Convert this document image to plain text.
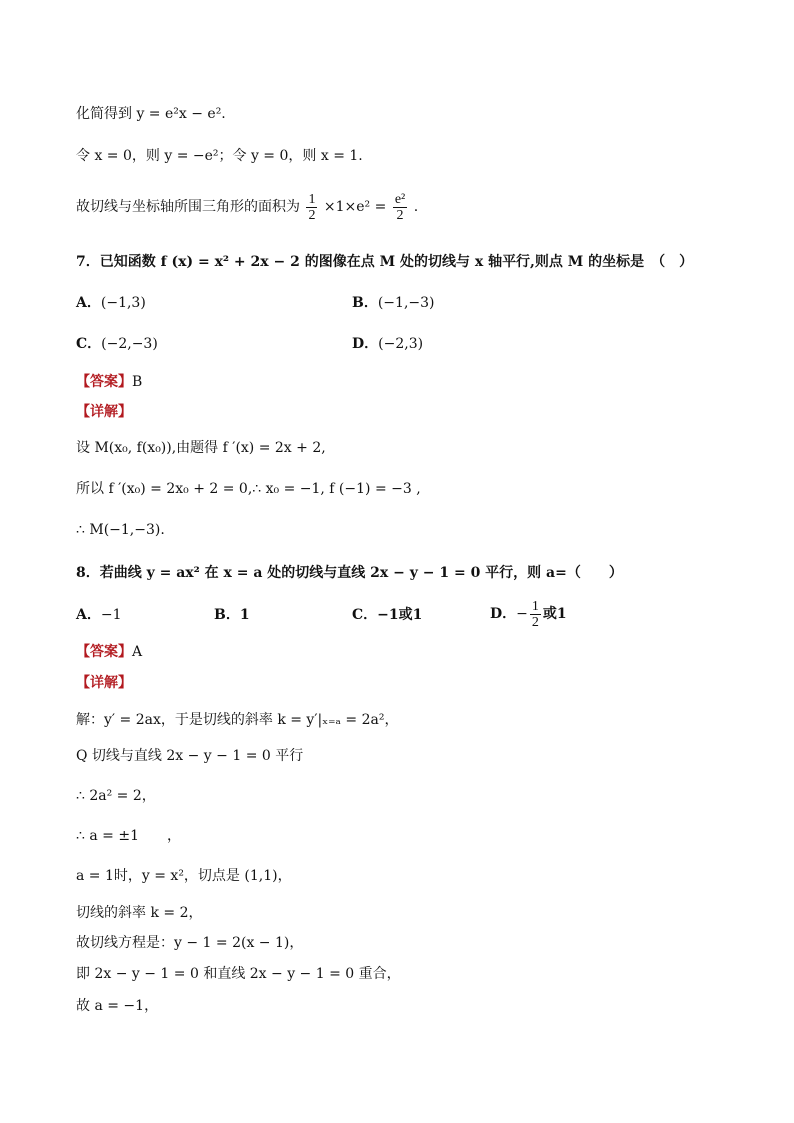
化简得到 y = e²x − e².
令 x = 0，则 y = −e²；令 y = 0，则 x = 1.
故切线与坐标轴所围三角形的面积为 $\frac{1}{2} \times 1\times e^2 = \frac{\text{e²}}{2}$ .
7．已知函数 f (x) = x² + 2x − 2 的图像在点 M 处的切线与 x 轴平行,则点 M 的坐标是　（　）
A．(−1,3)	B．(−1,−3)
C．(−2,−3)	D．(−2,3)
【答案】B
【详解】
设 M(x₀, f(x₀)),由题得 f ′(x) = 2x + 2,
所以 f ′(x₀) = 2x₀ + 2 = 0,∴ x₀ = −1, f (−1) = −3 ,
∴ M(−1,−3).
8．若曲线 y = ax² 在 x = a 处的切线与直线 2x − y − 1 = 0 平行，则 a=（　　）
A．−1	B．1	C．−1或1	D．− $\frac{1}{2}$ 或1
【答案】A
【详解】
解：y′ = 2ax，于是切线的斜率 k = y′|ₓ₌ₐ = 2a²，
Q 切线与直线 2x − y − 1 = 0 平行
∴ 2a² = 2，
∴ a = ±1　　，
a = 1时，y = x²，切点是 (1,1)，
切线的斜率 k = 2，
故切线方程是：y − 1 = 2(x − 1)，
即 2x − y − 1 = 0 和直线 2x − y − 1 = 0 重合，
故 a = −1，
